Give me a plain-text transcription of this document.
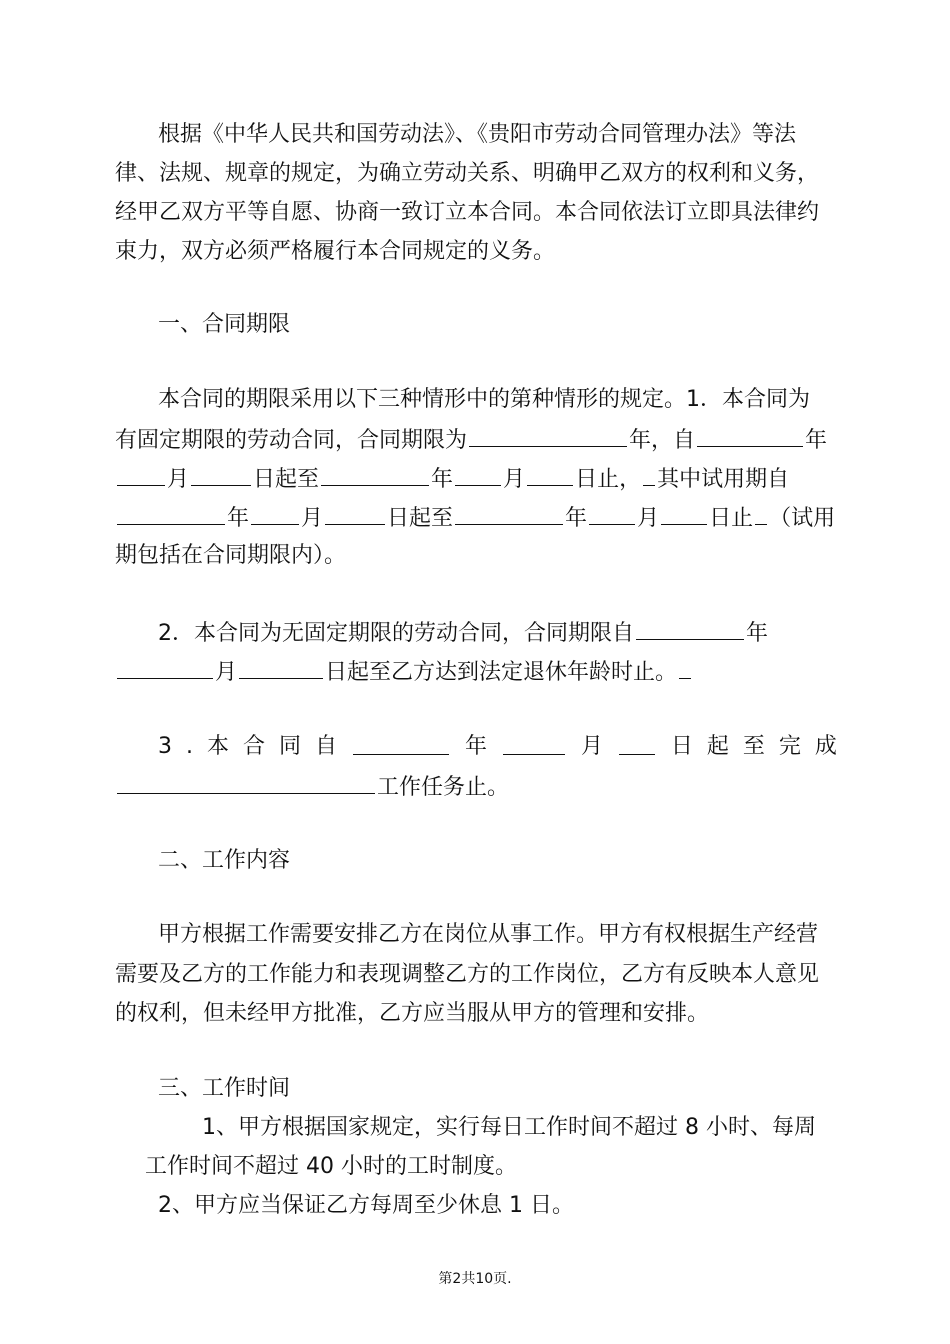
根据《中华人民共和国劳动法》、《贵阳市劳动合同管理办法》等法
律、法规、规章的规定，为确立劳动关系、明确甲乙双方的权利和义务，
经甲乙双方平等自愿、协商一致订立本合同。本合同依法订立即具法律约
束力，双方必须严格履行本合同规定的义务。
一、合同期限
本合同的期限采用以下三种情形中的第种情形的规定。1．本合同为
有固定期限的劳动合同，合同期限为	年，自	年
月	日起至	年 月 日止， 其中试用期自
年 月	日起至	年 月 日止 （试用
期包括在合同期限内）。
2．本合同为无固定期限的劳动合同，合同期限自	年
月	日起至乙方达到法定退休年龄时止。
3 . 本 合 同 自	年	月	日 起 至 完 成
工作任务止。
二、工作内容
甲方根据工作需要安排乙方在岗位从事工作。甲方有权根据生产经营
需要及乙方的工作能力和表现调整乙方的工作岗位，乙方有反映本人意见
的权利，但未经甲方批准，乙方应当服从甲方的管理和安排。
三、工作时间
1、甲方根据国家规定，实行每日工作时间不超过 8 小时、每周
工作时间不超过 40 小时的工时制度。
2、甲方应当保证乙方每周至少休息 1 日。
第2共10页.
